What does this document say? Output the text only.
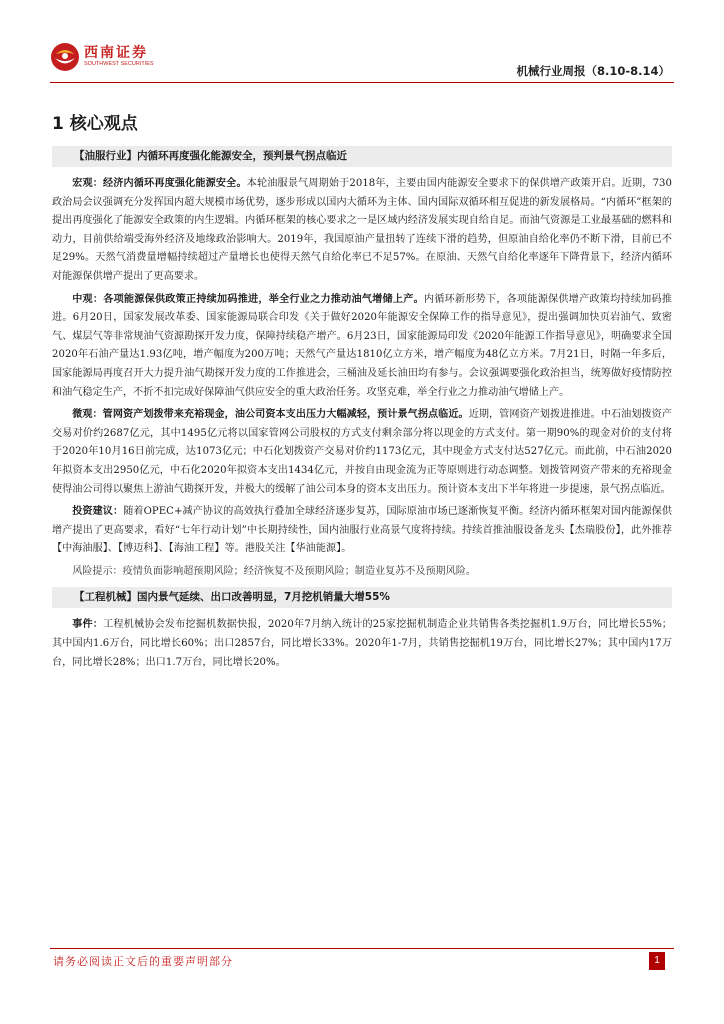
西南证券
SOUTHWEST SECURITIES	机械行业周报（8.10-8.14）
1 核心观点
【油服行业】内循环再度强化能源安全，预判景气拐点临近

宏观：经济内循环再度强化能源安全。本轮油服景气周期始于2018年，主要由国内能源安全要求下的保供增产政策开启。近期，730政治局会议强调充分发挥国内超大规模市场优势，逐步形成以国内大循环为主体、国内国际双循环相互促进的新发展格局。“内循环”框架的提出再度强化了能源安全政策的内生逻辑。内循环框架的核心要求之一是区域内经济发展实现自给自足。而油气资源是工业最基础的燃料和动力，目前供给端受海外经济及地缘政治影响大。2019年，我国原油产量扭转了连续下滑的趋势，但原油自给化率仍不断下滑，目前已不足29%。天然气消费量增幅持续超过产量增长也使得天然气自给化率已不足57%。在原油、天然气自给化率逐年下降背景下，经济内循环对能源保供增产提出了更高要求。

中观：各项能源保供政策正持续加码推进，举全行业之力推动油气增储上产。内循环新形势下，各项能源保供增产政策均持续加码推进。6月20日，国家发展改革委、国家能源局联合印发《关于做好2020年能源安全保障工作的指导意见》，提出强调加快页岩油气、致密气、煤层气等非常规油气资源勘探开发力度，保障持续稳产增产。6月23日，国家能源局印发《2020年能源工作指导意见》，明确要求全国2020年石油产量达1.93亿吨，增产幅度为200万吨；天然气产量达1810亿立方米，增产幅度为48亿立方米。7月21日，时隔一年多后，国家能源局再度召开大力提升油气勘探开发力度的工作推进会，三桶油及延长油田均有参与。会议强调要强化政治担当，统筹做好疫情防控和油气稳定生产，不折不扣完成好保障油气供应安全的重大政治任务。攻坚克难，举全行业之力推动油气增储上产。

微观：管网资产划拨带来充裕现金，油公司资本支出压力大幅减轻，预计景气拐点临近。近期，管网资产划拨进推进。中石油划拨资产交易对价约2687亿元，其中1495亿元将以国家管网公司股权的方式支付剩余部分将以现金的方式支付。第一期90%的现金对价的支付将于2020年10月16日前完成，达1073亿元；中石化划拨资产交易对价约1173亿元，其中现金方式支付达527亿元。而此前，中石油2020年拟资本支出2950亿元，中石化2020年拟资本支出1434亿元，并按自由现金流为正等原则进行动态调整。划拨管网资产带来的充裕现金使得油公司得以聚焦上游油气勘探开发，并极大的缓解了油公司本身的资本支出压力。预计资本支出下半年将进一步提速，景气拐点临近。

投资建议：随着OPEC+减产协议的高效执行叠加全球经济逐步复苏，国际原油市场已逐渐恢复平衡。经济内循环框架对国内能源保供增产提出了更高要求，看好“七年行动计划”中长期持续性，国内油服行业高景气度将持续。持续首推油服设备龙头【杰瑞股份】，此外推荐【中海油服】、【博迈科】、【海油工程】等。港股关注【华油能源】。

风险提示：疫情负面影响超预期风险；经济恢复不及预期风险；制造业复苏不及预期风险。

【工程机械】国内景气延续、出口改善明显，7月挖机销量大增55%

事件：工程机械协会发布挖掘机数据快报，2020年7月纳入统计的25家挖掘机制造企业共销售各类挖掘机1.9万台，同比增长55%；其中国内1.6万台，同比增长60%；出口2857台，同比增长33%。2020年1-7月，共销售挖掘机19万台，同比增长27%；其中国内17万台，同比增长28%；出口1.7万台，同比增长20%。

请务必阅读正文后的重要声明部分	1
